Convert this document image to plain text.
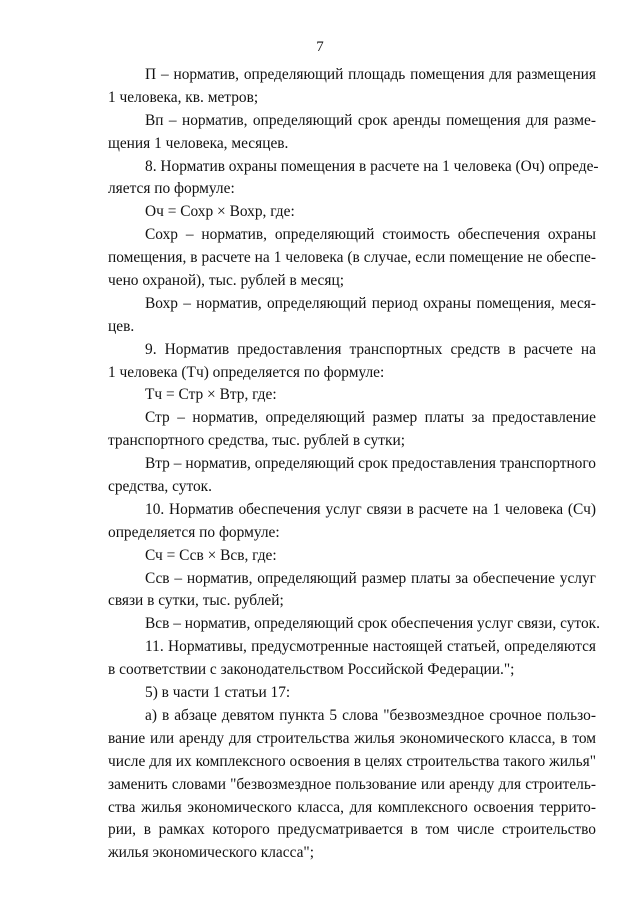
7
П – норматив, определяющий площадь помещения для размещения
1 человека, кв. метров;
Вп – норматив, определяющий срок аренды помещения для разме-
щения 1 человека, месяцев.
8. Норматив охраны помещения в расчете на 1 человека (Оч) опреде-
ляется по формуле:
Оч = Сохр × Вохр, где:
Сохр – норматив, определяющий стоимость обеспечения охраны
помещения, в расчете на 1 человека (в случае, если помещение не обеспе-
чено охраной), тыс. рублей в месяц;
Вохр – норматив, определяющий период охраны помещения, меся-
цев.
9. Норматив предоставления транспортных средств в расчете на
1 человека (Тч) определяется по формуле:
Тч = Стр × Втр, где:
Стр – норматив, определяющий размер платы за предоставление
транспортного средства, тыс. рублей в сутки;
Втр – норматив, определяющий срок предоставления транспортного
средства, суток.
10. Норматив обеспечения услуг связи в расчете на 1 человека (Сч)
определяется по формуле:
Сч = Ссв × Всв, где:
Ссв – норматив, определяющий размер платы за обеспечение услуг
связи в сутки, тыс. рублей;
Всв – норматив, определяющий срок обеспечения услуг связи, суток.
11. Нормативы, предусмотренные настоящей статьей, определяются
в соответствии с законодательством Российской Федерации.";
5) в части 1 статьи 17:
а) в абзаце девятом пункта 5 слова "безвозмездное срочное пользо-
вание или аренду для строительства жилья экономического класса, в том
числе для их комплексного освоения в целях строительства такого жилья"
заменить словами "безвозмездное пользование или аренду для строитель-
ства жилья экономического класса, для комплексного освоения террито-
рии, в рамках которого предусматривается в том числе строительство
жилья экономического класса";
